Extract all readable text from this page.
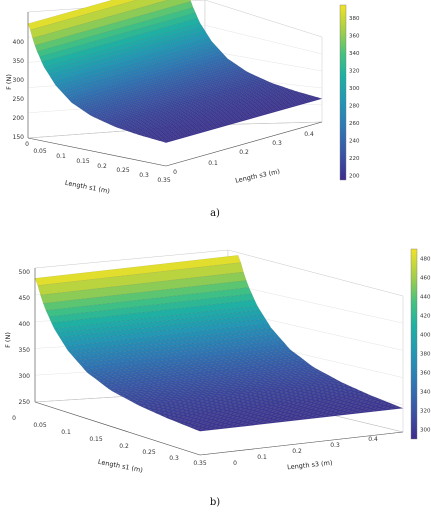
150
200
250
300
350
400
F (N)
0
0.05
0.1
0.15
0.2
0.25
0.3
0.35
Length s1 (m)
0
0.1
0.2
0.3
0.4
Length s3 (m)	200
220
240
260
280
300
320
340
360
380
a)
250
300
350
400
450
500
F (N)
0
0.05
0.1
0.15
0.2
0.25
0.3
0.35
Length s1 (m)	0
0.1
0.2
0.3
0.4
Length s3 (m)
300
320
340
360
380
400
420
440
460
480
b)
